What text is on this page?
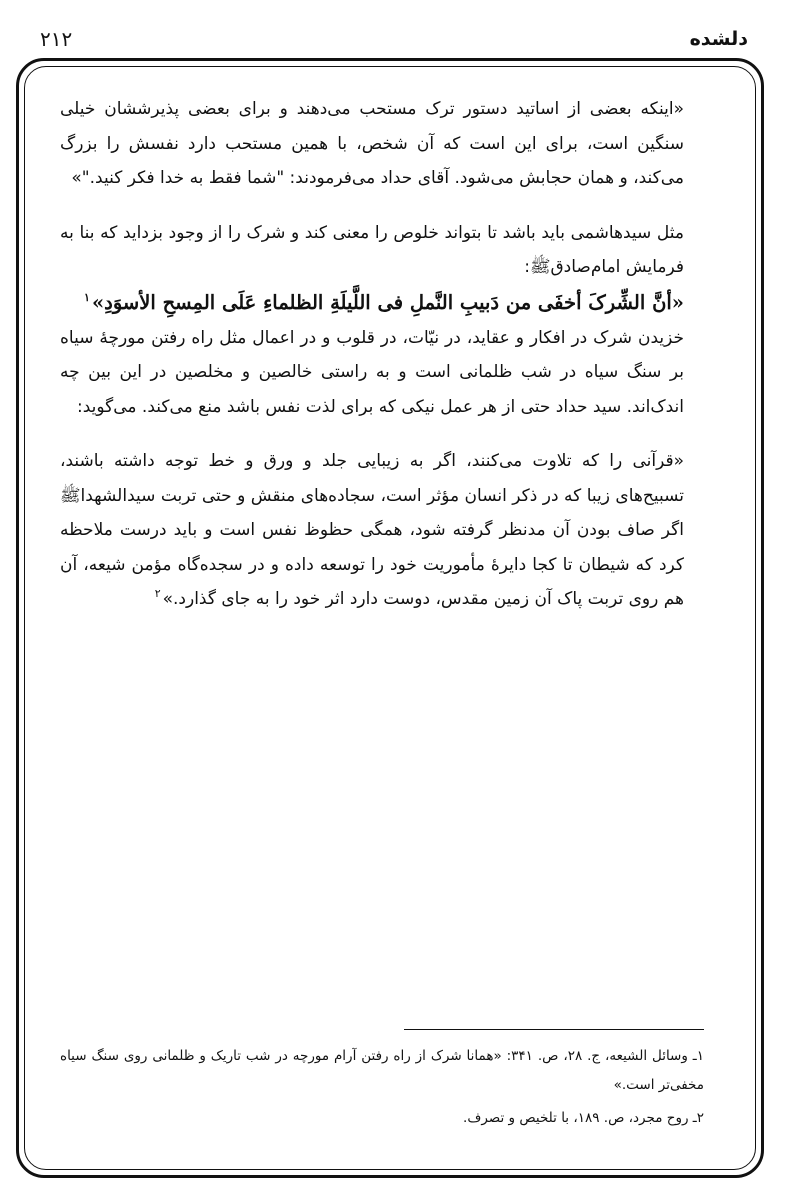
دلشده
۲۱۲

«اینکه بعضی از اساتید دستور ترک مستحب می‌دهند و برای بعضی پذیرششان خیلی سنگین است، برای این است که آن شخص، با همین مستحب دارد نفسش را بزرگ می‌کند، و همان حجابش می‌شود. آقای حداد می‌فرمودند: "شما فقط به خدا فکر کنید."»

مثل سیدهاشمی باید باشد تا بتواند خلوص را معنی کند و شرک را از وجود بزداید که بنا به فرمایش امام‌صادق‌ﷺ:

«أنَّ الشِّرکَ أخفَی من دَبیبِ النَّملِ فی اللَّیلَةِ الظلماءِ عَلَی المِسحِ الأسوَدِ»$^۱$

خزیدن شرک در افکار و عقاید، در نیّات، در قلوب و در اعمال مثل راه رفتن مورچهٔ سیاه بر سنگ سیاه در شب ظلمانی است و به راستی خالصین و مخلصین در این بین چه اندک‌اند. سید حداد حتی از هر عمل نیکی که برای لذت نفس باشد منع می‌کند. می‌گوید:

«قرآنی را که تلاوت می‌کنند، اگر به زیبایی جلد و ورق و خط توجه داشته باشند، تسبیح‌های زیبا که در ذکر انسان مؤثر است، سجاده‌های منقش و حتی تربت سیدالشهداﷺ اگر صاف بودن آن مدنظر گرفته شود، همگی حظوظ نفس است و باید درست ملاحظه کرد که شیطان تا کجا دایرهٔ مأموریت خود را توسعه داده و در سجده‌گاه مؤمن شیعه، آن هم روی تربت پاک آن زمین مقدس، دوست دارد اثر خود را به جای گذارد.»$^۲$

۱ـ وسائل الشیعه، ج. ۲۸، ص. ۳۴۱: «همانا شرک از راه رفتن آرام مورچه در شب تاریک و ظلمانی روی سنگ سیاه مخفی‌تر است.»

۲ـ روح مجرد، ص. ۱۸۹، با تلخیص و تصرف.
